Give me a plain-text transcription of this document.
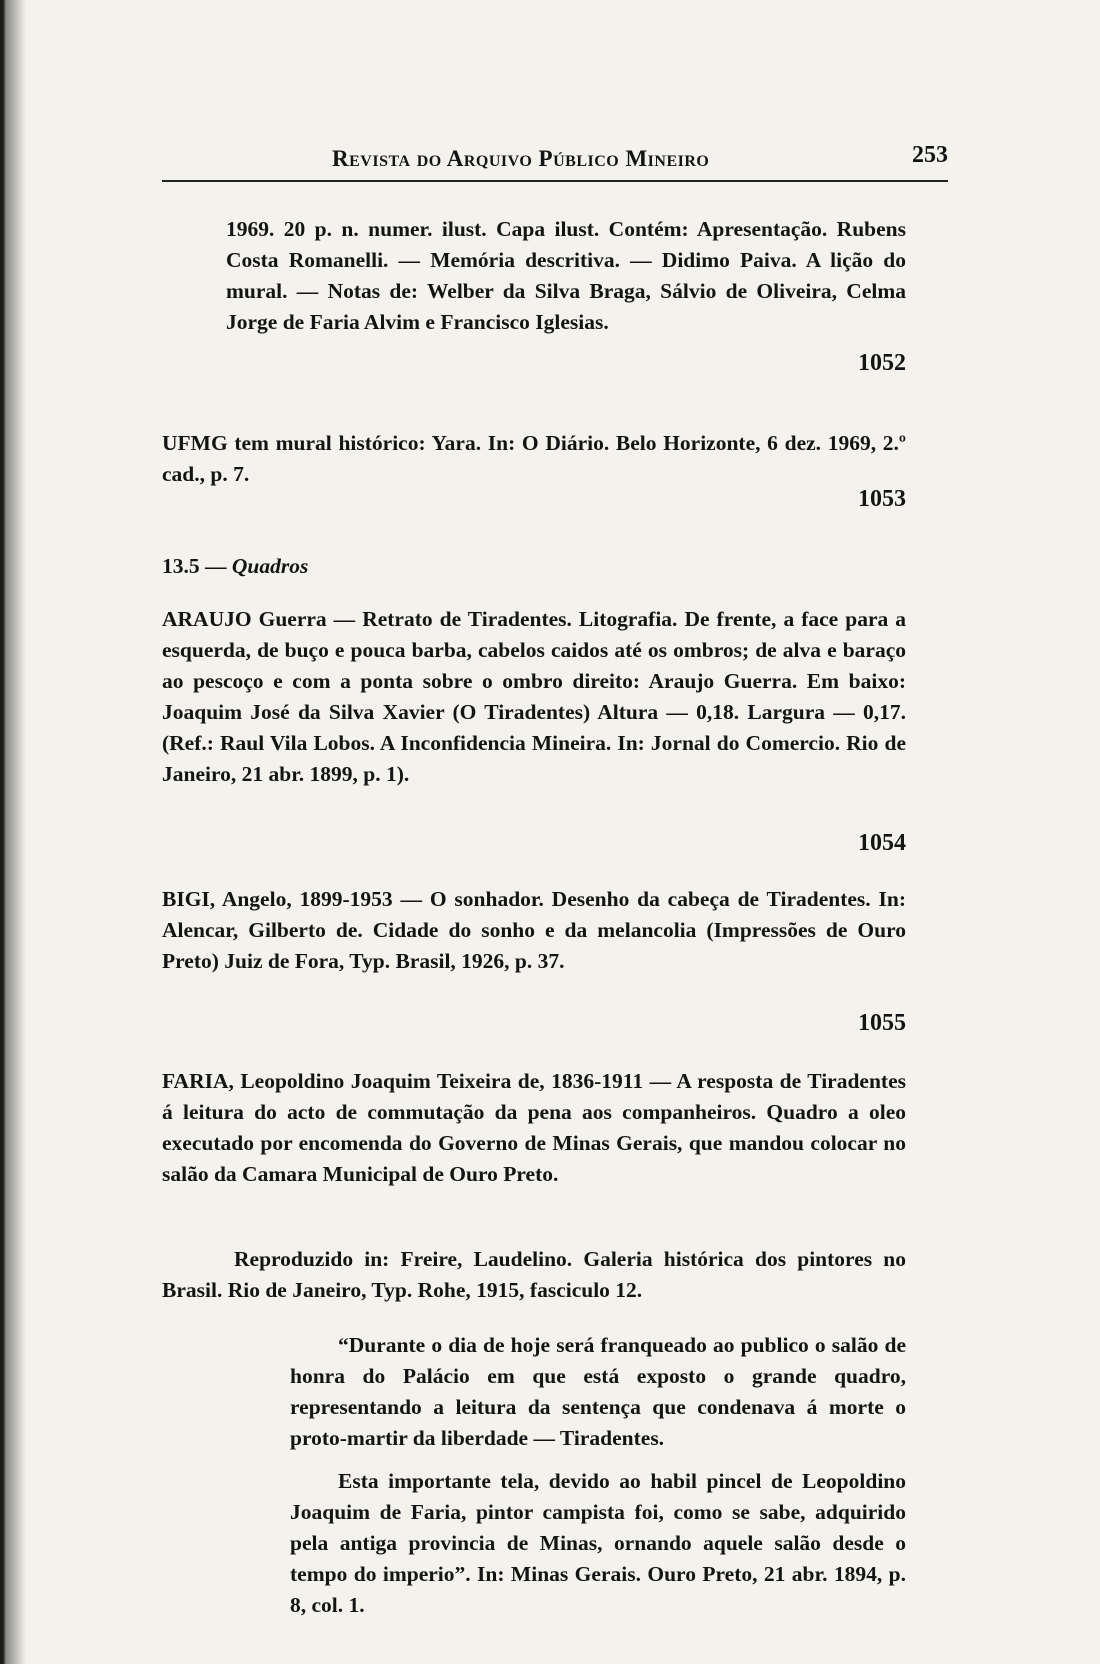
Revista do Arquivo Público Mineiro	253

1969. 20 p. n. numer. ilust. Capa ilust. Contém: Apresentação. Rubens Costa Romanelli. — Memória descritiva. — Didimo Paiva. A lição do mural. — Notas de: Welber da Silva Braga, Sálvio de Oliveira, Celma Jorge de Faria Alvim e Francisco Iglesias.

1052

UFMG tem mural histórico: Yara. In: O Diário. Belo Horizonte, 6 dez. 1969, 2.º cad., p. 7.

1053
13.5 — Quadros

ARAUJO Guerra — Retrato de Tiradentes. Litografia. De frente, a face para a esquerda, de buço e pouca barba, cabelos caidos até os ombros; de alva e baraço ao pescoço e com a ponta sobre o ombro direito: Araujo Guerra. Em baixo: Joaquim José da Silva Xavier (O Tiradentes) Altura — 0,18. Largura — 0,17. (Ref.: Raul Vila Lobos. A Inconfidencia Mineira. In: Jornal do Comercio. Rio de Janeiro, 21 abr. 1899, p. 1).

1054

BIGI, Angelo, 1899-1953 — O sonhador. Desenho da cabeça de Tiradentes. In: Alencar, Gilberto de. Cidade do sonho e da melancolia (Impressões de Ouro Preto) Juiz de Fora, Typ. Brasil, 1926, p. 37.

1055

FARIA, Leopoldino Joaquim Teixeira de, 1836-1911 — A resposta de Tiradentes á leitura do acto de commutação da pena aos companheiros. Quadro a oleo executado por encomenda do Governo de Minas Gerais, que mandou colocar no salão da Camara Municipal de Ouro Preto.

Reproduzido in: Freire, Laudelino. Galeria histórica dos pintores no Brasil. Rio de Janeiro, Typ. Rohe, 1915, fasciculo 12.

“Durante o dia de hoje será franqueado ao publico o salão de honra do Palácio em que está exposto o grande quadro, representando a leitura da sentença que condenava á morte o proto-martir da liberdade — Tiradentes.

Esta importante tela, devido ao habil pincel de Leopoldino Joaquim de Faria, pintor campista foi, como se sabe, adquirido pela antiga provincia de Minas, ornando aquele salão desde o tempo do imperio”. In: Minas Gerais. Ouro Preto, 21 abr. 1894, p. 8, col. 1.
